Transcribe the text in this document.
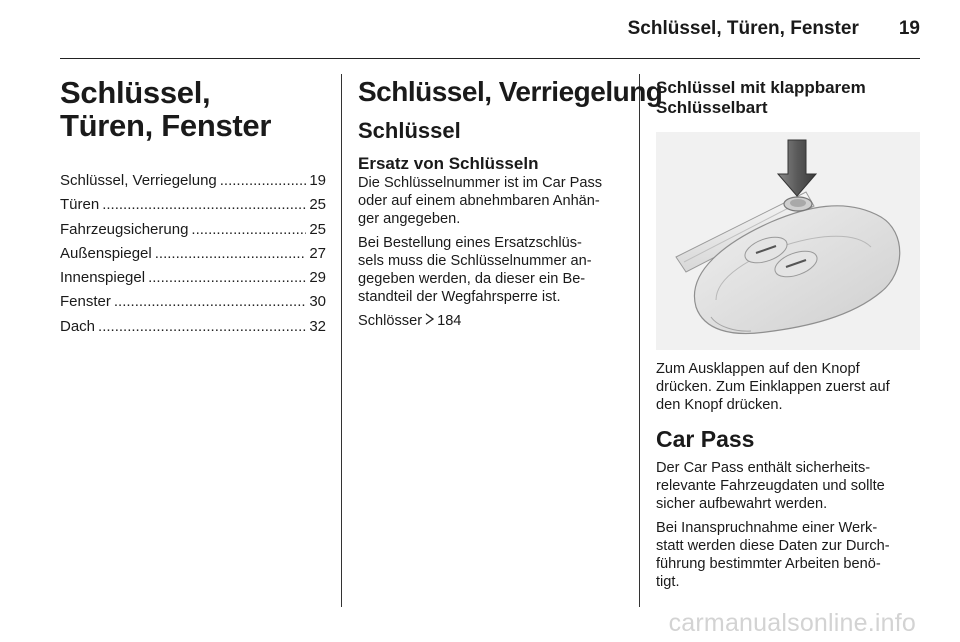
Schlüssel, Türen, Fenster 19
Schlüssel, Türen, Fenster
Schlüssel, Verriegelung .....	19
Türen .....	25
Fahrzeugsicherung .....	25
Außenspiegel .....	27
Innenspiegel .....	29
Fenster .....	30
Dach .....	32
Schlüssel, Verriegelung
Schlüssel
Ersatz von Schlüsseln

Die Schlüsselnummer ist im Car Pass
oder auf einem abnehmbaren Anhän-
ger angegeben.

Bei Bestellung eines Ersatzschlüs-
sels muss die Schlüsselnummer an-
gegeben werden, da dieser ein Be-
standteil der Wegfahrsperre ist.

Schlösser 184

Schlüssel mit klappbarem
Schlüsselbart

Zum Ausklappen auf den Knopf
drücken. Zum Einklappen zuerst auf
den Knopf drücken.

Car Pass

Der Car Pass enthält sicherheits-
relevante Fahrzeugdaten und sollte
sicher aufbewahrt werden.

Bei Inanspruchnahme einer Werk-
statt werden diese Daten zur Durch-
führung bestimmter Arbeiten benö-
tigt.

carmanualsonline.info
